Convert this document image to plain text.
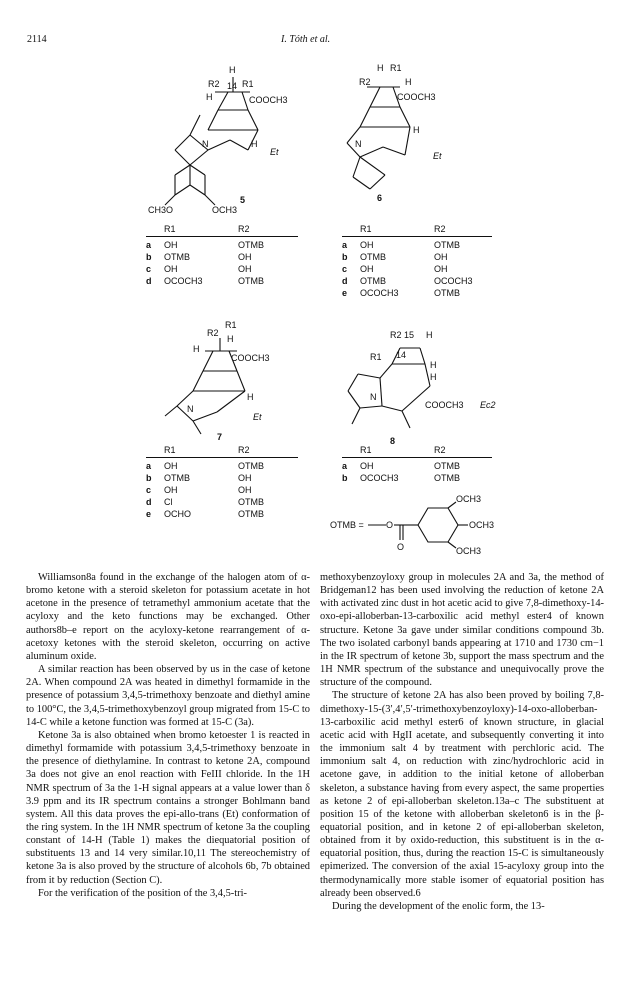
2114	I. Tóth et al.
H
R2 14 R1
H	COOCH3
N	H
CH3O	OCH3
Et
5
H
R2
R1
H
COOCH3
N
H
Et
6
R1	R2
a	OH	OTMB
b	OTMB	OH
c	OH	OH
d	OCOCH3	OTMB
R1	R2
a	OH	OTMB
b	OTMB	OH
c	OH	OH
d	OTMB	OCOCH3
e	OCOCH3	OTMB
R2
R1
H
H
COOCH3
N
H
Et
7
R2 15 H
R1 14
H
N
H
COOCH3 Ec2
8
R1	R2
a	OH	OTMB
b	OTMB	OH
c	OH	OH
d	Cl	OTMB
e	OCHO	OTMB
R1	R2
a	OH	OTMB
b	OCOCH3	OTMB
OTMB = O
O
OCH3
OCH3
OCH3

Williamson8a found in the exchange of the halogen atom of α-bromo ketone with a steroid skeleton for potassium acetate in hot acetone in the presence of tetramethyl ammonium acetate that the acyloxy and the keto functions may be exchanged. Other authors8b–e report on the acyloxy-ketone rearrangement of α-acetoxy ketones with the steroid skeleton, occurring on active aluminum oxide.

A similar reaction has been observed by us in the case of ketone 2A. When compound 2A was heated in dimethyl formamide in the presence of potassium 3,4,5-trimethoxy benzoate and diethyl amine to 100°C, the 3,4,5-trimethoxybenzoyl group migrated from 15-C to 14-C while a ketone function was formed at 15-C (3a).

Ketone 3a is also obtained when bromo ketoester 1 is reacted in dimethyl formamide with potassium 3,4,5-trimethoxy benzoate in the presence of diethylamine. In contrast to ketone 2A, compound 3a does not give an enol reaction with FeIII chloride. In the 1H NMR spectrum of 3a the 1-H signal appears at a value lower than δ 3.9 ppm and its IR spectrum contains a stronger Bohlmann band system. All this data proves the epi-allo-trans (Et) conformation of the ring system. In the 1H NMR spectrum of ketone 3a the coupling constant of 14-H (Table 1) makes the diequatorial position of substituents 13 and 14 very similar.10,11 The stereochemistry of ketone 3a is also proved by the structure of alcohols 6b, 7b obtained from it by reduction (Section C).

For the verification of the position of the 3,4,5-tri-

methoxybenzoyloxy group in molecules 2A and 3a, the method of Bridgeman12 has been used involving the reduction of ketone 2A with activated zinc dust in hot acetic acid to give 7,8-dimethoxy-14-oxo-epi-alloberban-13-carboxilic acid methyl ester4 of known structure. Ketone 3a gave under similar conditions compound 3b. The two isolated carbonyl bands appearing at 1710 and 1730 cm−1 in the IR spectrum of ketone 3b, support the mass spectrum and the 1H NMR spectrum of the substance and unequivocally prove the structure of the compound.

The structure of ketone 2A has also been proved by boiling 7,8-dimethoxy-15-(3′,4′,5′-trimethoxybenzoyloxy)-14-oxo-alloberban-13-carboxilic acid methyl ester6 of known structure, in glacial acetic acid with HgII acetate, and subsequently converting it into the immonium salt 4 by treatment with perchloric acid. The immonium salt 4, on reduction with zinc/hydrochloric acid in acetone gave, in addition to the initial ketone of alloberban skeleton, a substance having from every aspect, the same properties as ketone 2 of epi-alloberban skeleton.13a–c The substituent at position 15 of the ketone with alloberban skeleton6 is in the β-equatorial position, and in ketone 2 of epi-alloberban skeleton, obtained from it by oxido-reduction, this substituent is in the α-equatorial position, thus, during the reaction 15-C is simultaneously epimerized. The conversion of the axial 15-acyloxy group into the thermodynamically more stable isomer of equatorial position has already been observed.6

During the development of the enolic form, the 13-
